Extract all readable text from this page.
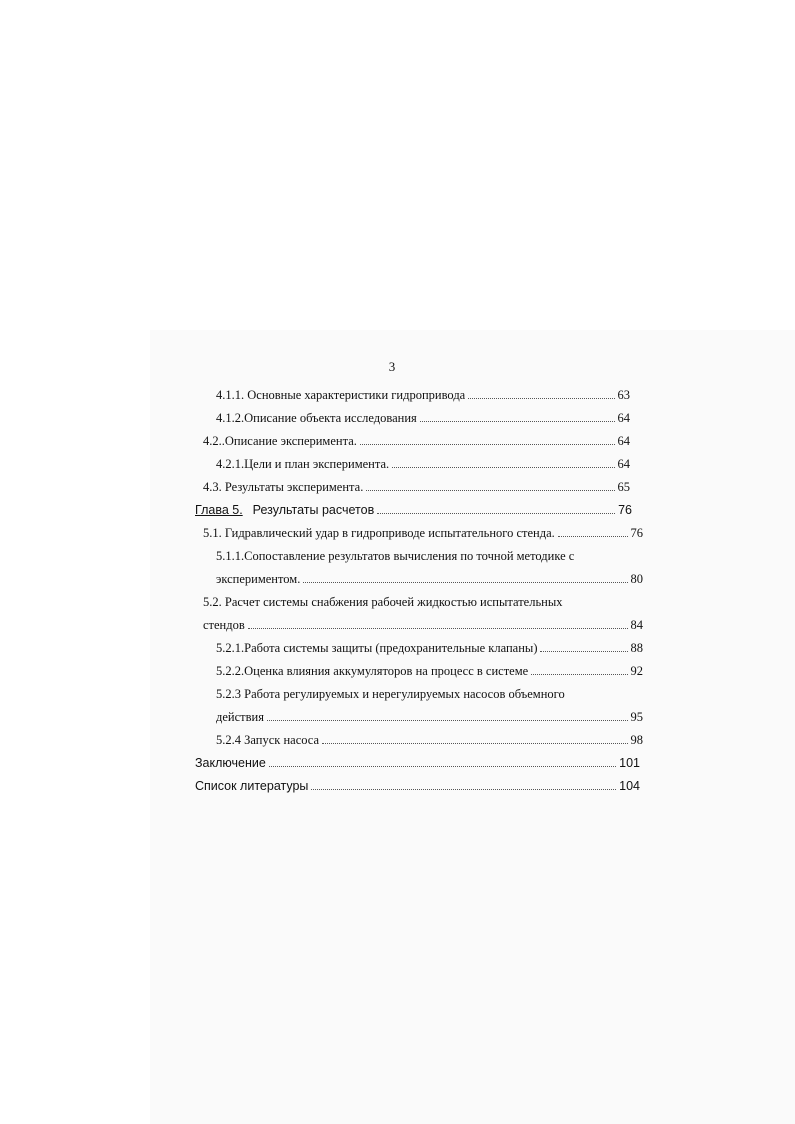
3
4.1.1. Основные характеристики гидропривода	63
4.1.2.Описание объекта исследования	64
4.2..Описание эксперимента.	64
4.2.1.Цели и план эксперимента.	64
4.3. Результаты эксперимента.	65
Глава 5. Результаты расчетов	76
5.1. Гидравлический удар в гидроприводе испытательного стенда.	76
5.1.1.Сопоставление результатов вычисления по точной методике с
экспериментом.	80
5.2. Расчет системы снабжения рабочей жидкостью испытательных
стендов	84
5.2.1.Работа системы защиты (предохранительные клапаны)	88
5.2.2.Оценка влияния аккумуляторов на процесс в системе	92
5.2.3 Работа регулируемых и нерегулируемых насосов объемного
действия	95
5.2.4 Запуск насоса	98
Заключение	101
Список литературы	104
